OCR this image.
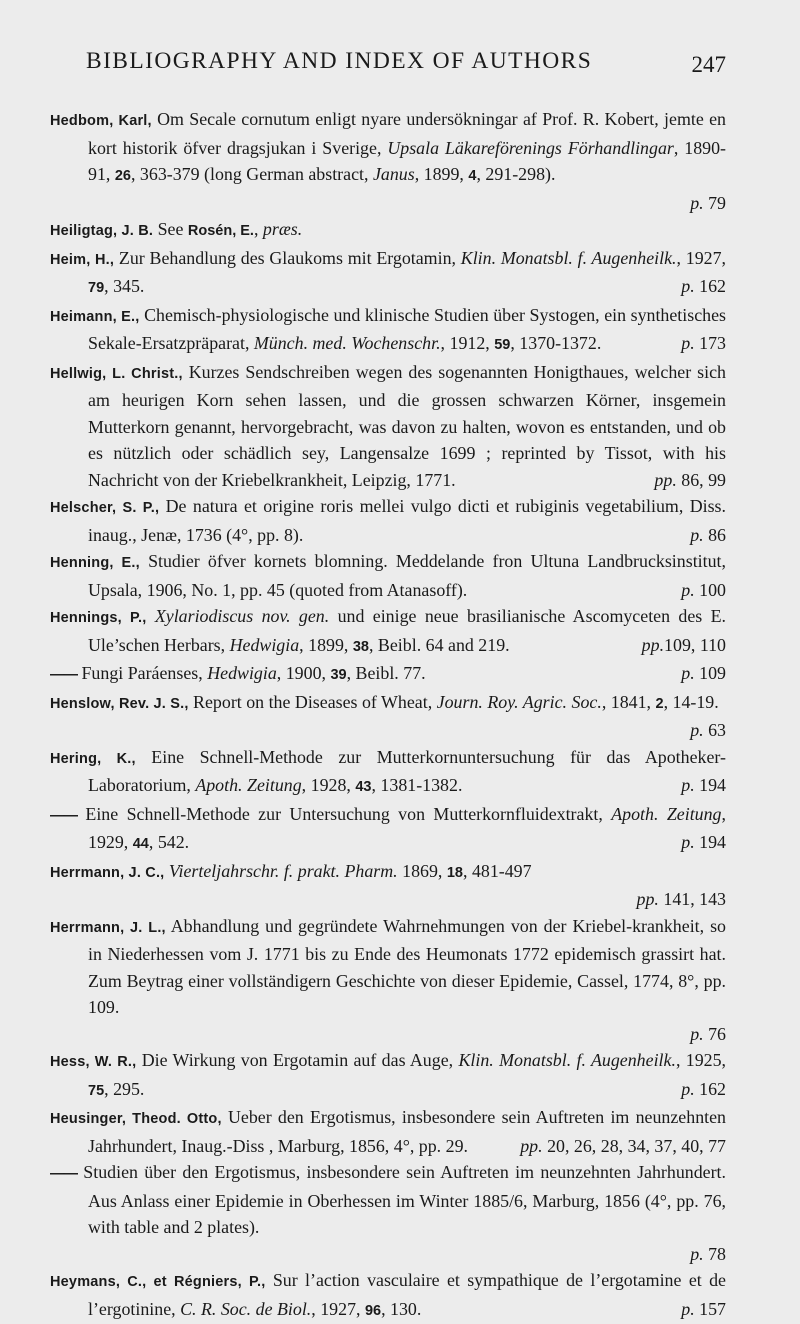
BIBLIOGRAPHY AND INDEX OF AUTHORS	247

Hedbom, Karl, Om Secale cornutum enligt nyare undersökningar af Prof. R. Kobert, jemte en kort historik öfver dragsjukan i Sverige, Upsala Läkareförenings Förhandlingar, 1890-91, 26, 363-379 (long German abstract, Janus, 1899, 4, 291-298).
p. 79

Heiligtag, J. B. See Rosén, E., præs.

Heim, H., Zur Behandlung des Glaukoms mit Ergotamin, Klin. Monatsbl. f. Augenheilk., 1927, 79, 345.	p. 162

Heimann, E., Chemisch-physiologische und klinische Studien über Systogen, ein synthetisches Sekale-Ersatzpräparat, Münch. med. Wochenschr., 1912, 59, 1370-1372.	p. 173

Hellwig, L. Christ., Kurzes Sendschreiben wegen des sogenannten Honigthaues, welcher sich am heurigen Korn sehen lassen, und die grossen schwarzen Körner, insgemein Mutterkorn genannt, hervorgebracht, was davon zu halten, wovon es entstanden, und ob es nützlich oder schädlich sey, Langensalze 1699 ; reprinted by Tissot, with his Nachricht von der Kriebelkrankheit, Leipzig, 1771.	pp. 86, 99

Helscher, S. P., De natura et origine roris mellei vulgo dicti et rubiginis vegetabilium, Diss. inaug., Jenæ, 1736 (4°, pp. 8).	p. 86

Henning, E., Studier öfver kornets blomning. Meddelande fron Ultuna Landbrucksinstitut, Upsala, 1906, No. 1, pp. 45 (quoted from Atanasoff).	p. 100

Hennings, P., Xylariodiscus nov. gen. und einige neue brasilianische Ascomyceten des E. Ule’schen Herbars, Hedwigia, 1899, 38, Beibl. 64 and 219.	pp.109, 110

—— Fungi Paráenses, Hedwigia, 1900, 39, Beibl. 77.	p. 109

Henslow, Rev. J. S., Report on the Diseases of Wheat, Journ. Roy. Agric. Soc., 1841, 2, 14-19.
p. 63

Hering, K., Eine Schnell-Methode zur Mutterkornuntersuchung für das Apotheker-Laboratorium, Apoth. Zeitung, 1928, 43, 1381-1382.	p. 194

—— Eine Schnell-Methode zur Untersuchung von Mutterkornfluidextrakt, Apoth. Zeitung, 1929, 44, 542.	p. 194

Herrmann, J. C., Vierteljahrschr. f. prakt. Pharm. 1869, 18, 481-497
pp. 141, 143

Herrmann, J. L., Abhandlung und gegründete Wahrnehmungen von der Kriebel-krankheit, so in Niederhessen vom J. 1771 bis zu Ende des Heumonats 1772 epidemisch grassirt hat. Zum Beytrag einer vollständigern Geschichte von dieser Epidemie, Cassel, 1774, 8°, pp. 109.
p. 76

Hess, W. R., Die Wirkung von Ergotamin auf das Auge, Klin. Monatsbl. f. Augenheilk., 1925, 75, 295.	p. 162

Heusinger, Theod. Otto, Ueber den Ergotismus, insbesondere sein Auftreten im neunzehnten Jahrhundert, Inaug.-Diss , Marburg, 1856, 4°, pp. 29.	pp. 20, 26, 28, 34, 37, 40, 77

—— Studien über den Ergotismus, insbesondere sein Auftreten im neunzehnten Jahrhundert. Aus Anlass einer Epidemie in Oberhessen im Winter 1885/6, Marburg, 1856 (4°, pp. 76, with table and 2 plates).
p. 78

Heymans, C., et Régniers, P., Sur l’action vasculaire et sympathique de l’ergotamine et de l’ergotinine, C. R. Soc. de Biol., 1927, 96, 130.	p. 157
